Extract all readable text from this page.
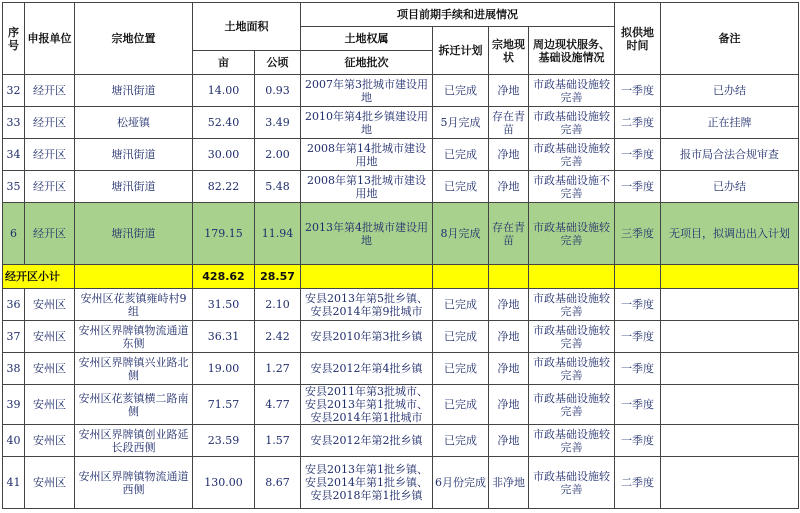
序号	申报单位	宗地位置	土地面积		项目前期手续和进展情况				拟供地时间	备注
					土地权属	拆迁计划	宗地现状	周边现状服务、基础设施情况		
			亩	公顷	征地批次					
32	经开区	塘汛街道	14.00	0.93	2007年第3批城市建设用地	已完成	净地	市政基础设施较完善	一季度	已办结
33	经开区	松垭镇	52.40	3.49	2010年第4批乡镇建设用地	5月完成	存在青苗	市政基础设施较完善	二季度	正在挂牌
34	经开区	塘汛街道	30.00	2.00	2008年第14批城市建设用地	已完成	净地	市政基础设施较完善	一季度	报市局合法合规审查
35	经开区	塘汛街道	82.22	5.48	2008年第13批城市建设用地	已完成	净地	市政基础设施不完善	一季度	已办结
6	经开区	塘汛街道	179.15	11.94	2013年第4批城市建设用地	8月完成	存在青苗	市政基础设施较完善	三季度	无项目，拟调出出入计划
经开区小计			428.62	28.57						
36	安州区	安州区花荄镇雍峙村9组	31.50	2.10	安县2013年第5批乡镇、安县2014年第9批城市	已完成	净地	市政基础设施较完善	一季度	
37	安州区	安州区界牌镇物流通道东侧	36.31	2.42	安县2010年第3批乡镇	已完成	净地	市政基础设施较完善	一季度	
38	安州区	安州区界牌镇兴业路北侧	19.00	1.27	安县2012年第4批乡镇	已完成	净地	市政基础设施较完善	一季度	
39	安州区	安州区花荄镇横二路南侧	71.57	4.77	安县2011年第3批城市、安县2013年第1批城市、安县2014年第1批城市	已完成	净地	市政基础设施较完善	一季度	
40	安州区	安州区界牌镇创业路延长段西侧	23.59	1.57	安县2012年第2批乡镇	已完成	净地	市政基础设施较完善	一季度	
41	安州区	安州区界牌镇物流通道西侧	130.00	8.67	安县2013年第1批乡镇、安县2014年第1批乡镇、安县2018年第1批乡镇	6月份完成	非净地	市政基础设施较完善	二季度	
